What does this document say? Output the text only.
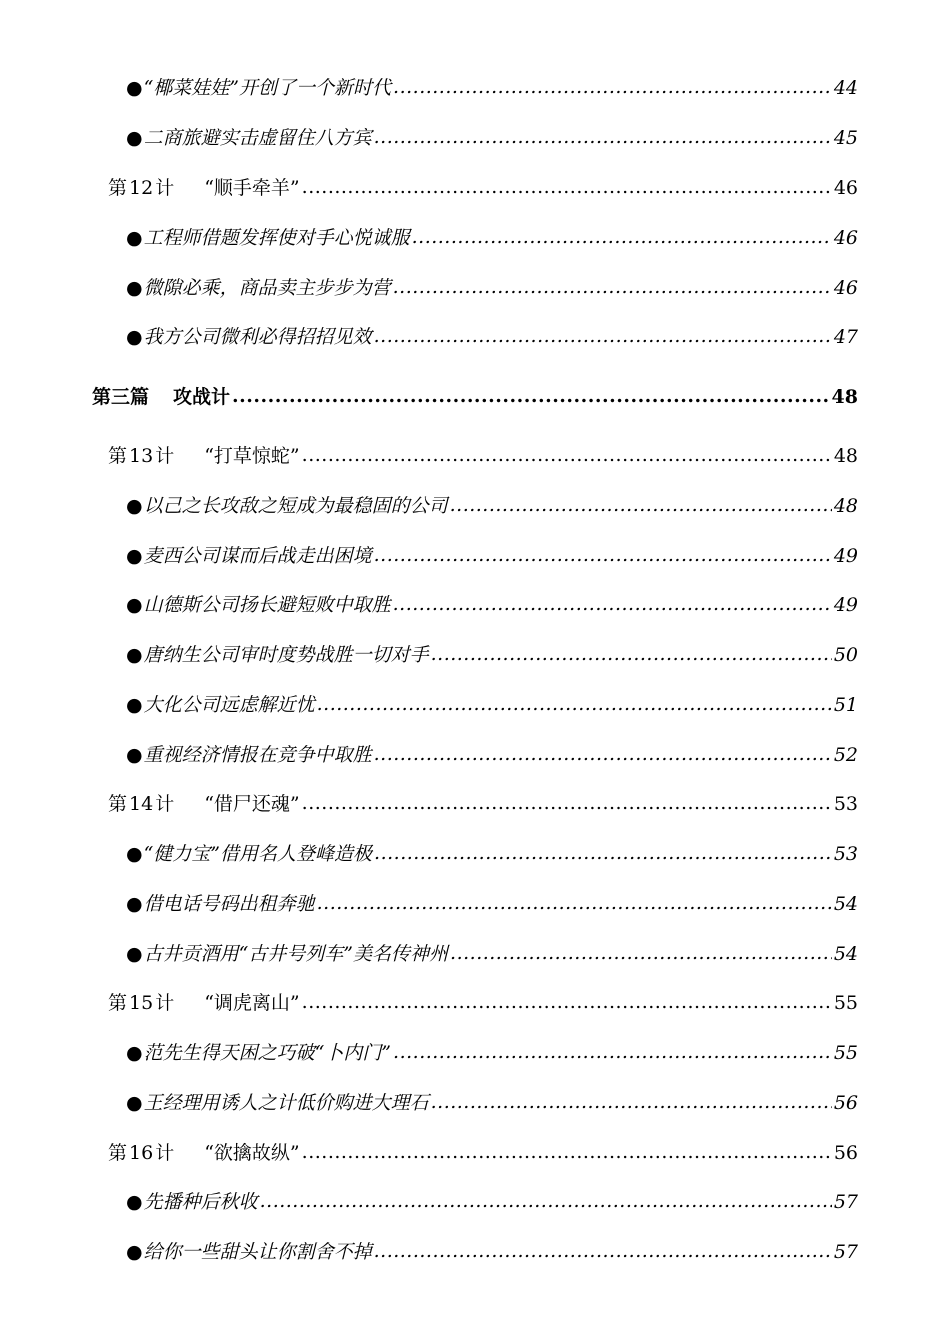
●“椰菜娃娃”开创了一个新时代 .....	44
●二商旅避实击虚留住八方宾 .....	45
第 12 计 “顺手牵羊” .....	46
●工程师借题发挥使对手心悦诚服 .....	46
●微隙必乘，商品卖主步步为营 .....	46
●我方公司微利必得招招见效 .....	47
第三篇 攻战计 .....	48
第 13 计 “打草惊蛇” .....	48
●以己之长攻敌之短成为最稳固的公司 .....	48
●麦西公司谋而后战走出困境 .....	49
●山德斯公司扬长避短败中取胜 .....	49
●唐纳生公司审时度势战胜一切对手 .....	50
●大化公司远虑解近忧 .....	51
●重视经济情报在竞争中取胜 .....	52
第 14 计 “借尸还魂” .....	53
●“健力宝”借用名人登峰造极 .....	53
●借电话号码出租奔驰 .....	54
●古井贡酒用“古井号列车”美名传神州 .....	54
第 15 计 “调虎离山” .....	55
●范先生得天困之巧破“卜内门” .....	55
●王经理用诱人之计低价购进大理石 .....	56
第 16 计 “欲擒故纵” .....	56
●先播种后秋收 .....	57
●给你一些甜头让你割舍不掉 .....	57
